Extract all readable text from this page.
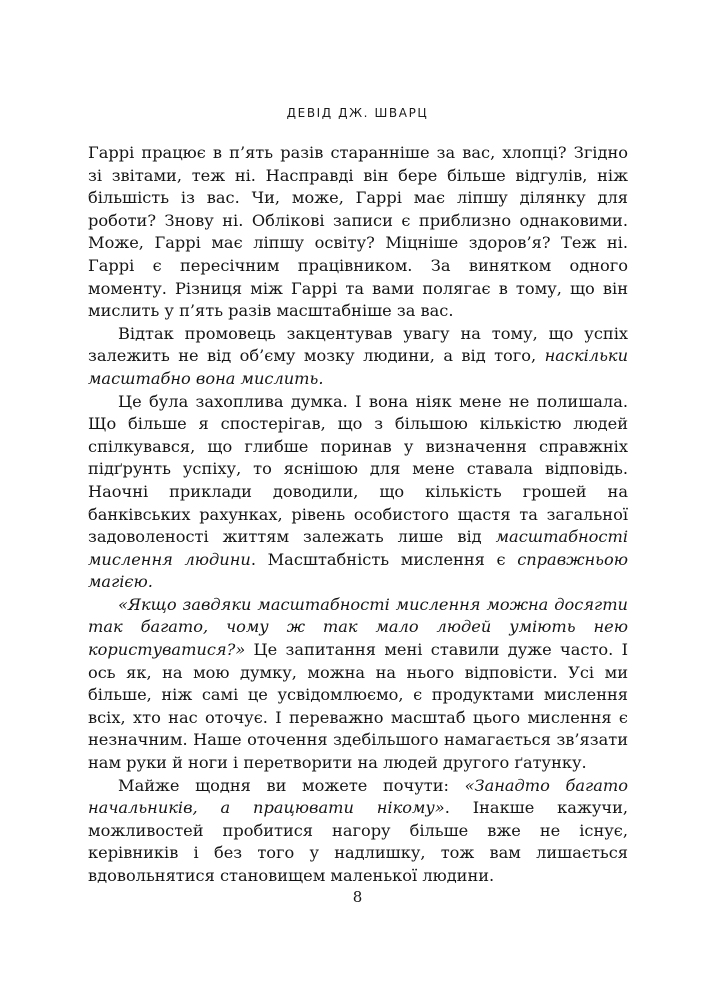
ДЕВІД ДЖ. ШВАРЦ

Гаррі працює в п’ять разів старанніше за вас, хлопці? Згідно зі звітами, теж ні. Насправді він бере більше відгулів, ніж більшість із вас. Чи, може, Гаррі має ліпшу ділянку для роботи? Знову ні. Облікові записи є приблизно однаковими. Може, Гаррі має ліпшу освіту? Міцніше здоров’я? Теж ні. Гаррі є пересічним працівником. За винятком одного моменту. Різниця між Гаррі та вами полягає в тому, що він мислить у п’ять разів масштабніше за вас.

Відтак промовець закцентував увагу на тому, що успіх залежить не від об’єму мозку людини, а від того, наскільки масштабно вона мислить.

Це була захоплива думка. І вона ніяк мене не полишала. Що більше я спостерігав, що з більшою кількістю людей спілкувався, що глибше поринав у визначення справжніх підґрунть успіху, то яснішою для мене ставала відповідь. Наочні приклади доводили, що кількість грошей на банківських рахунках, рівень особистого щастя та загальної задоволеності життям залежать лише від масштабності мислення людини. Масштабність мислення є справжньою магією.

«Якщо завдяки масштабності мислення можна досягти так багато, чому ж так мало людей уміють нею користуватися?» Це запитання мені ставили дуже часто. І ось як, на мою думку, можна на нього відповісти. Усі ми більше, ніж самі це усвідомлюємо, є продуктами мислення всіх, хто нас оточує. І переважно масштаб цього мислення є незначним. Наше оточення здебільшого намагається зв’язати нам руки й ноги і перетворити на людей другого ґатунку.

Майже щодня ви можете почути: «Занадто багато начальників, а працювати нікому». Інакше кажучи, можливостей пробитися нагору більше вже не існує, керівників і без того у надлишку, тож вам лишається вдовольнятися становищем маленької людини.

8
